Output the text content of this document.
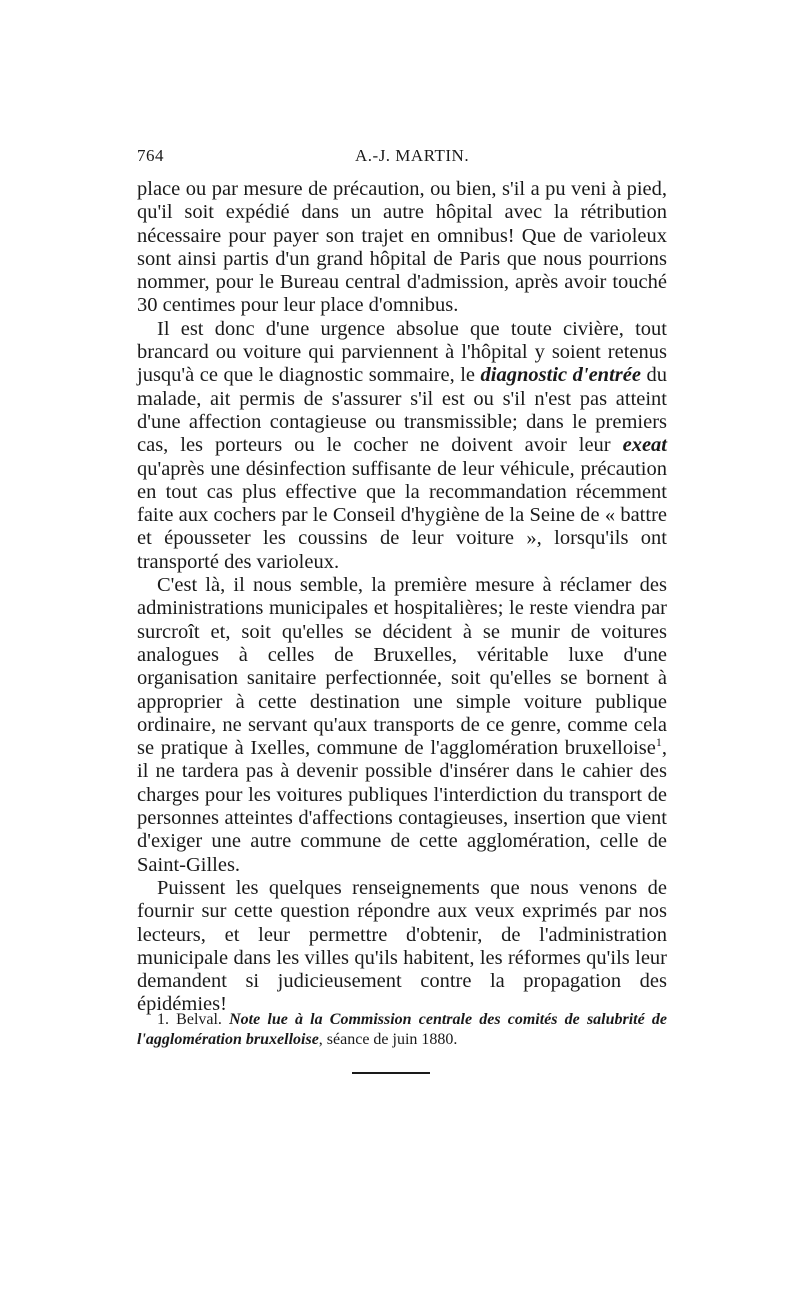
764	A.-J. MARTIN.

place ou par mesure de précaution, ou bien, s'il a pu veni à pied, qu'il soit expédié dans un autre hôpital avec la rétribution nécessaire pour payer son trajet en omnibus! Que de varioleux sont ainsi partis d'un grand hôpital de Paris que nous pourrions nommer, pour le Bureau central d'admission, après avoir touché 30 centimes pour leur place d'omnibus.

Il est donc d'une urgence absolue que toute civière, tout brancard ou voiture qui parviennent à l'hôpital y soient retenus jusqu'à ce que le diagnostic sommaire, le diagnostic d'entrée du malade, ait permis de s'assurer s'il est ou s'il n'est pas atteint d'une affection contagieuse ou transmissible; dans le premiers cas, les porteurs ou le cocher ne doivent avoir leur exeat qu'après une désinfection suffisante de leur véhicule, précaution en tout cas plus effective que la recommandation récemment faite aux cochers par le Conseil d'hygiène de la Seine de « battre et épousseter les coussins de leur voiture », lorsqu'ils ont transporté des varioleux.

C'est là, il nous semble, la première mesure à réclamer des administrations municipales et hospitalières; le reste viendra par surcroît et, soit qu'elles se décident à se munir de voitures analogues à celles de Bruxelles, véritable luxe d'une organisation sanitaire perfectionnée, soit qu'elles se bornent à approprier à cette destination une simple voiture publique ordinaire, ne servant qu'aux transports de ce genre, comme cela se pratique à Ixelles, commune de l'agglomération bruxelloise$^1$, il ne tardera pas à devenir possible d'insérer dans le cahier des charges pour les voitures publiques l'interdiction du transport de personnes atteintes d'affections contagieuses, insertion que vient d'exiger une autre commune de cette agglomération, celle de Saint-Gilles.

Puissent les quelques renseignements que nous venons de fournir sur cette question répondre aux veux exprimés par nos lecteurs, et leur permettre d'obtenir, de l'administration municipale dans les villes qu'ils habitent, les réformes qu'ils leur demandent si judicieusement contre la propagation des épidémies!

1. Belval. Note lue à la Commission centrale des comités de salubrité de l'agglomération bruxelloise, séance de juin 1880.
